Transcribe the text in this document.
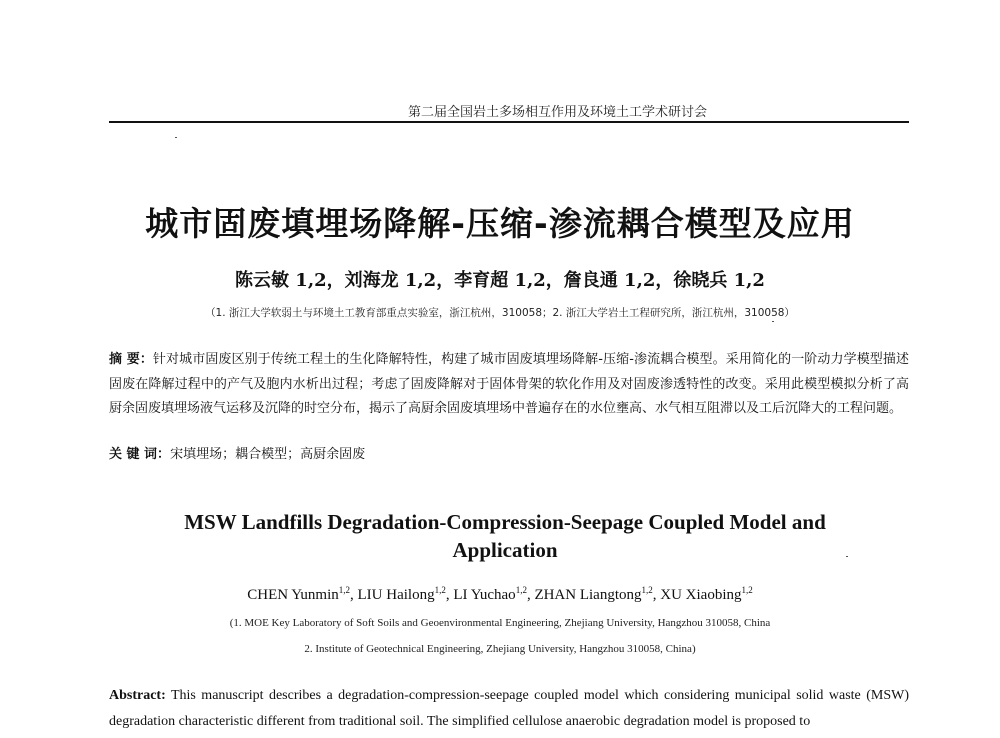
第二届全国岩土多场相互作用及环境土工学术研讨会
城市固废填埋场降解-压缩-渗流耦合模型及应用
陈云敏 1,2，刘海龙 1,2，李育超 1,2，詹良通 1,2，徐晓兵 1,2
（1. 浙江大学软弱土与环境土工教育部重点实验室，浙江杭州，310058；2. 浙江大学岩土工程研究所，浙江杭州，310058）
摘 要：针对城市固废区别于传统工程土的生化降解特性，构建了城市固废填埋场降解-压缩-渗流耦合模型。采用简化的一阶动力学模型描述固废在降解过程中的产气及胞内水析出过程；考虑了固废降解对于固体骨架的软化作用及对固废渗透特性的改变。采用此模型模拟分析了高厨余固废填埋场液气运移及沉降的时空分布，揭示了高厨余固废填埋场中普遍存在的水位壅高、水气相互阻滞以及工后沉降大的工程问题。
关 键 词：宋填埋场；耦合模型；高厨余固废
MSW Landfills Degradation-Compression-Seepage Coupled Model and Application
CHEN Yunmin$^{1,2}$, LIU Hailong$^{1,2}$, LI Yuchao$^{1,2}$, ZHAN Liangtong$^{1,2}$, XU Xiaobing$^{1,2}$
(1. MOE Key Laboratory of Soft Soils and Geoenvironmental Engineering, Zhejiang University, Hangzhou 310058, China
2. Institute of Geotechnical Engineering, Zhejiang University, Hangzhou 310058, China)
Abstract: This manuscript describes a degradation-compression-seepage coupled model which considering municipal solid waste (MSW) degradation characteristic different from traditional soil. The simplified cellulose anaerobic degradation model is proposed to
